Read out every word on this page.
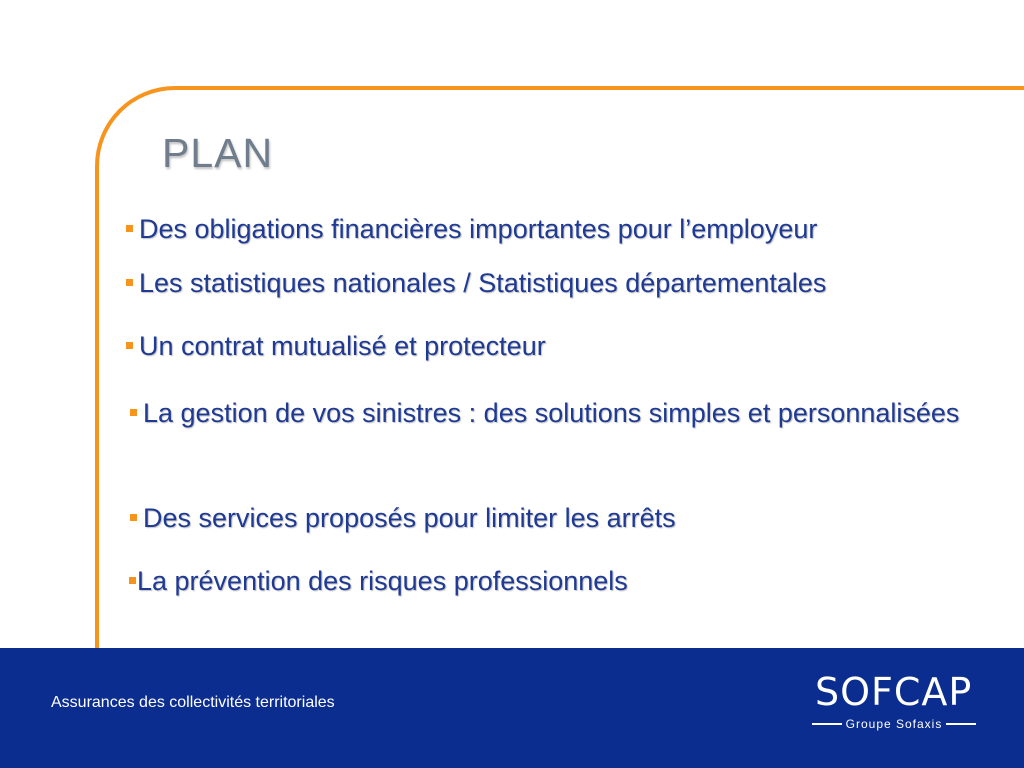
PLAN
Des obligations financières importantes pour l’employeur
Les statistiques nationales / Statistiques départementales
Un contrat mutualisé et protecteur
La gestion de vos sinistres : des solutions simples et personnalisées
Des services proposés pour limiter les arrêts
La prévention des risques professionnels

Assurances des collectivités territoriales	SOFCAP
Groupe Sofaxis
